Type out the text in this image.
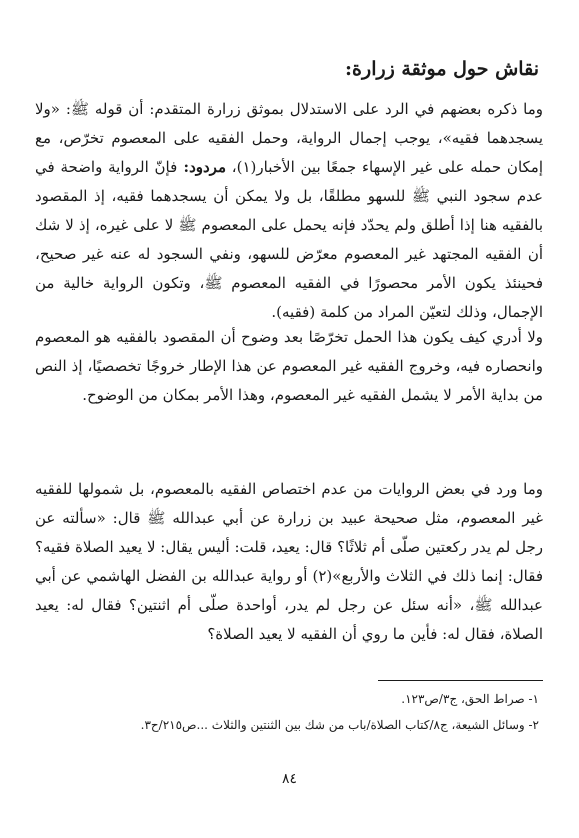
نقاش حول موثقة زرارة:

وما ذكره بعضهم في الرد على الاستدلال بموثق زرارة المتقدم: أن قوله ﷺ: «ولا يسجدهما فقيه»، يوجب إجمال الرواية، وحمل الفقيه على المعصوم تخرّص، مع إمكان حمله على غير الإسهاء جمعًا بين الأخبار(١)، مردود: فإنّ الرواية واضحة في عدم سجود النبي ﷺ للسهو مطلقًا، بل ولا يمكن أن يسجدهما فقيه، إذ المقصود بالفقيه هنا إذا أطلق ولم يحدّد فإنه يحمل على المعصوم ﷺ لا على غيره، إذ لا شك أن الفقيه المجتهد غير المعصوم معرّض للسهو، ونفي السجود له عنه غير صحيح، فحينئذ يكون الأمر محصورًا في الفقيه المعصوم ﷺ، وتكون الرواية خالية من الإجمال، وذلك لتعيّن المراد من كلمة (فقيه).

ولا أدري كيف يكون هذا الحمل تخرّصًا بعد وضوح أن المقصود بالفقيه هو المعصوم وانحصاره فيه، وخروج الفقيه غير المعصوم عن هذا الإطار خروجًا تخصصيًا، إذ النص من بداية الأمر لا يشمل الفقيه غير المعصوم، وهذا الأمر بمكان من الوضوح.

وما ورد في بعض الروايات من عدم اختصاص الفقيه بالمعصوم، بل شمولها للفقيه غير المعصوم، مثل صحيحة عبيد بن زرارة عن أبي عبدالله ﷺ قال: «سألته عن رجل لم يدر ركعتين صلّى أم ثلاثًا؟ قال: يعيد، قلت: أليس يقال: لا يعيد الصلاة فقيه؟ فقال: إنما ذلك في الثلاث والأربع»(٢) أو رواية عبدالله بن الفضل الهاشمي عن أبي عبدالله ﷺ، «أنه سئل عن رجل لم يدر، أواحدة صلّى أم اثنتين؟ فقال له: يعيد الصلاة، فقال له: فأين ما روي أن الفقيه لا يعيد الصلاة؟

١- صراط الحق، ج٣/ص١٢٣.

٢- وسائل الشيعة، ج٨/كتاب الصلاة/باب من شك بين الثنتين والثلاث ...ص٢١٥/ح٣.

٨٤
